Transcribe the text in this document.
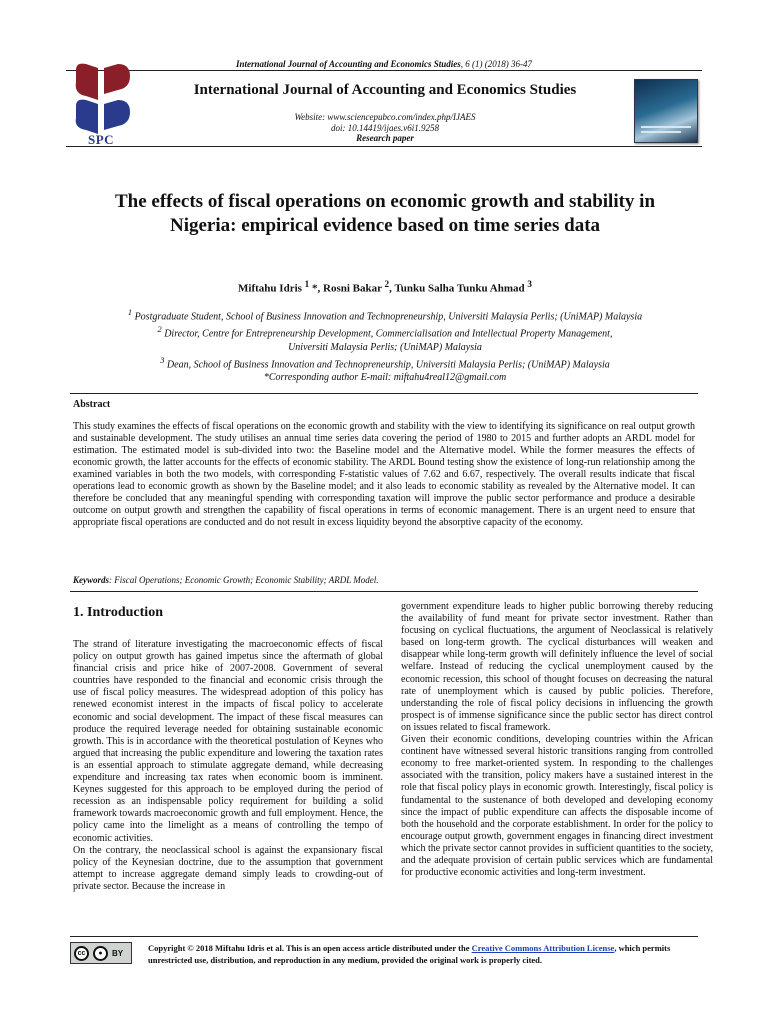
International Journal of Accounting and Economics Studies, 6 (1) (2018) 36-47
SPC
International Journal of Accounting and Economics Studies
Website: www.sciencepubco.com/index.php/IJAES
doi: 10.14419/ijaes.v6i1.9258
Research paper
The effects of fiscal operations on economic growth and stability in Nigeria: empirical evidence based on time series data
Miftahu Idris $^1$ *, Rosni Bakar $^2$, Tunku Salha Tunku Ahmad $^3$
$^1$ Postgraduate Student, School of Business Innovation and Technopreneurship, Universiti Malaysia Perlis; (UniMAP) Malaysia
$^2$ Director, Centre for Entrepreneurship Development, Commercialisation and Intellectual Property Management,
Universiti Malaysia Perlis; (UniMAP) Malaysia
$^3$ Dean, School of Business Innovation and Technopreneurship, Universiti Malaysia Perlis; (UniMAP) Malaysia
*Corresponding author E-mail: miftahu4real12@gmail.com
Abstract
This study examines the effects of fiscal operations on the economic growth and stability with the view to identifying its significance on real output growth and sustainable development. The study utilises an annual time series data covering the period of 1980 to 2015 and further adopts an ARDL model for estimation. The estimated model is sub-divided into two: the Baseline model and the Alternative model. While the former measures the effects of economic growth, the latter accounts for the effects of economic stability. The ARDL Bound testing show the existence of long-run relationship among the examined variables in both the two models, with corresponding F-statistic values of 7.62 and 6.67, respectively. The overall results indicate that fiscal operations lead to economic growth as shown by the Baseline model; and it also leads to economic stability as revealed by the Alternative model. It can therefore be concluded that any meaningful spending with corresponding taxation will improve the public sector performance and produce a desirable outcome on output growth and strengthen the capability of fiscal operations in terms of economic management. There is an urgent need to ensure that appropriate fiscal operations are conducted and do not result in excess liquidity beyond the absorptive capacity of the economy.
Keywords: Fiscal Operations; Economic Growth; Economic Stability; ARDL Model.
1. Introduction

The strand of literature investigating the macroeconomic effects of fiscal policy on output growth has gained impetus since the aftermath of global financial crisis and price hike of 2007-2008. Government of several countries have responded to the financial and economic crisis through the use of fiscal policy measures. The widespread adoption of this policy has renewed economist interest in the impacts of fiscal policy to accelerate economic and social development. The impact of these fiscal measures can produce the required leverage needed for obtaining sustainable economic growth. This is in accordance with the theoretical postulation of Keynes who argued that increasing the public expenditure and lowering the taxation rates is an essential approach to stimulate aggregate demand, while decreasing expenditure and increasing tax rates when economic boom is imminent. Keynes suggested for this approach to be employed during the period of recession as an indispensable policy requirement for building a solid framework towards macroeconomic growth and full employment. Hence, the policy came into the limelight as a means of controlling the tempo of economic activities.

On the contrary, the neoclassical school is against the expansionary fiscal policy of the Keynesian doctrine, due to the assumption that government attempt to increase aggregate demand simply leads to crowding-out of private sector. Because the increase in

government expenditure leads to higher public borrowing thereby reducing the availability of fund meant for private sector investment. Rather than focusing on cyclical fluctuations, the argument of Neoclassical is relatively based on long-term growth. The cyclical disturbances will weaken and disappear while long-term growth will definitely influence the level of social welfare. Instead of reducing the cyclical unemployment caused by the economic recession, this school of thought focuses on decreasing the natural rate of unemployment which is caused by public policies. Therefore, understanding the role of fiscal policy decisions in influencing the growth prospect is of immense significance since the public sector has direct control on issues related to fiscal framework.

Given their economic conditions, developing countries within the African continent have witnessed several historic transitions ranging from controlled economy to free market-oriented system. In responding to the challenges associated with the transition, policy makers have a sustained interest in the role that fiscal policy plays in economic growth. Interestingly, fiscal policy is fundamental to the sustenance of both developed and developing economy since the impact of public expenditure can affects the disposable income of both the household and the corporate establishment. In order for the policy to encourage output growth, government engages in financing direct investment which the private sector cannot provides in sufficient quantities to the society, and the adequate provision of certain public services which are fundamental for productive economic activities and long-term investment.

cc	●	BY	Copyright © 2018 Miftahu Idris et al. This is an open access article distributed under the Creative Commons Attribution License, which permits unrestricted use, distribution, and reproduction in any medium, provided the original work is properly cited.
